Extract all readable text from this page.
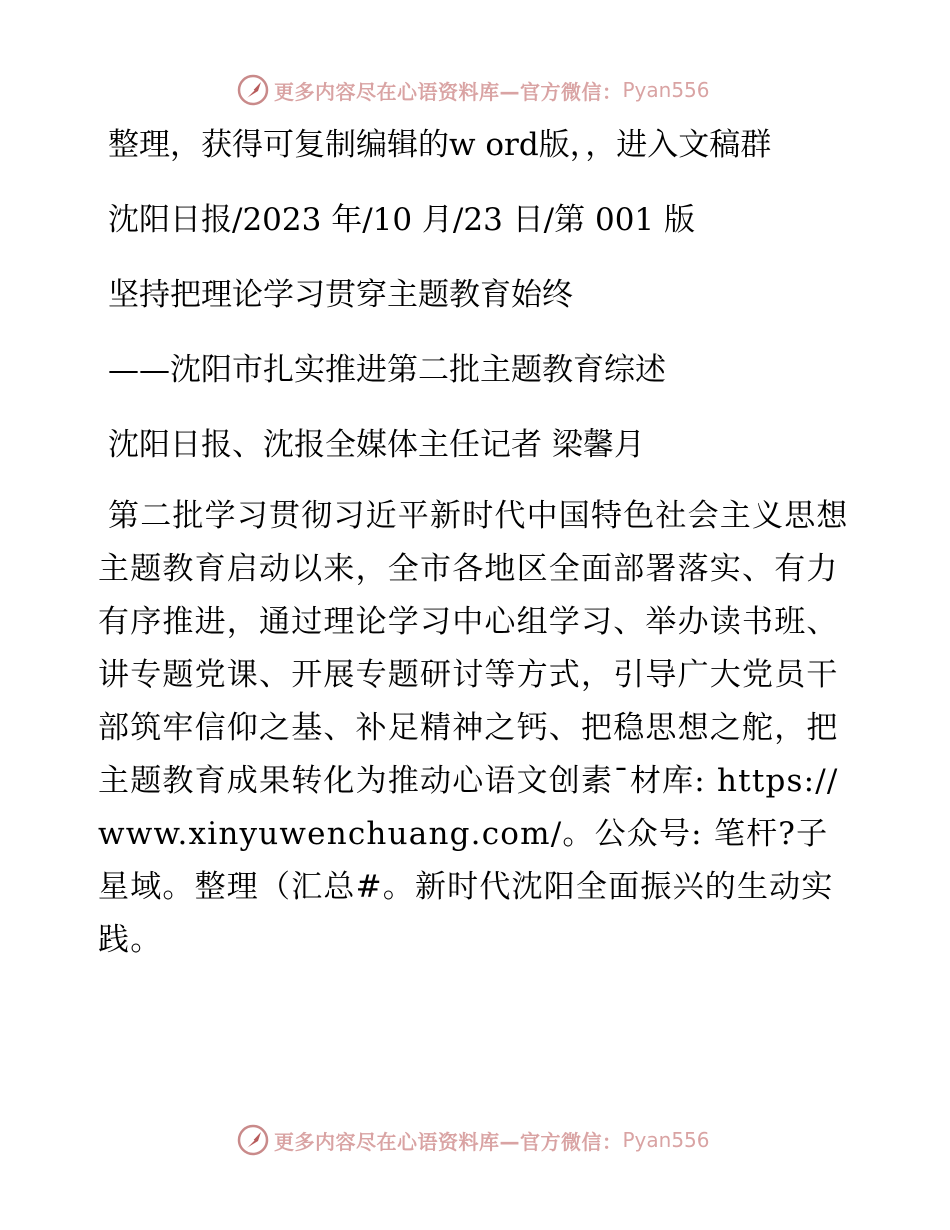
更多内容尽在心语资料库—官方微信： Pyan556

整理，获得可复制编辑的w ord版，，进入文稿群

沈阳日报/2023 年/10 月/23 日/第 001 版

坚持把理论学习贯穿主题教育始终

——沈阳市扎实推进第二批主题教育综述

沈阳日报、沈报全媒体主任记者 梁馨月

第二批学习贯彻习近平新时代中国特色社会主义思想主题教育启动以来，全市各地区全面部署落实、有力有序推进，通过理论学习中心组学习、举办读书班、讲专题党课、开展专题研讨等方式，引导广大党员干部筑牢信仰之基、补足精神之钙、把稳思想之舵，把主题教育成果转化为推动心语文创素¯材库: https://www.xinyuwenchuang.com/。公众号: 笔杆?子星域。整理（汇总#。新时代沈阳全面振兴的生动实践。

更多内容尽在心语资料库—官方微信： Pyan556
